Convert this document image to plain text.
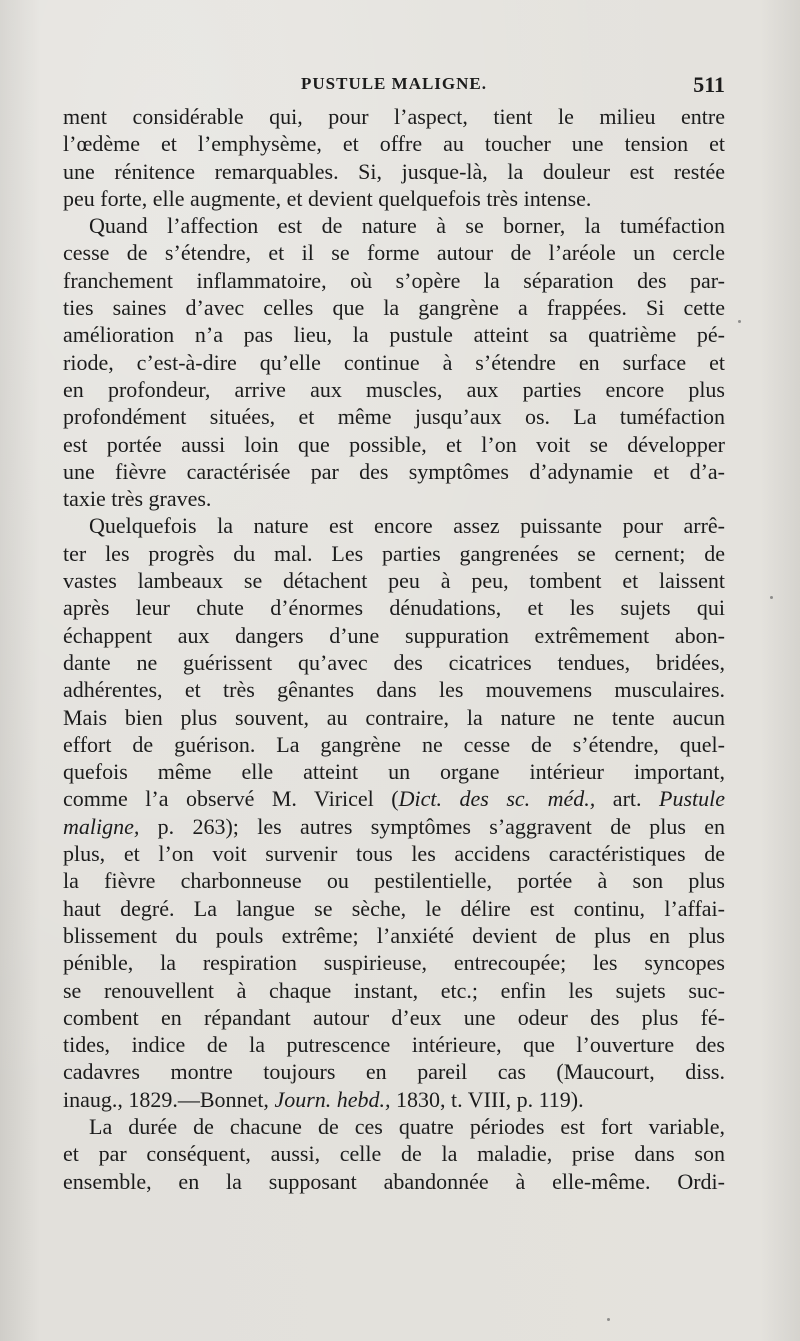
PUSTULE MALIGNE.	511
ment considérable qui, pour l’aspect, tient le milieu entre
l’œdème et l’emphysème, et offre au toucher une tension et
une rénitence remarquables. Si, jusque-là, la douleur est restée
peu forte, elle augmente, et devient quelquefois très intense.
Quand l’affection est de nature à se borner, la tuméfaction
cesse de s’étendre, et il se forme autour de l’aréole un cercle
franchement inflammatoire, où s’opère la séparation des par-
ties saines d’avec celles que la gangrène a frappées. Si cette
amélioration n’a pas lieu, la pustule atteint sa quatrième pé-
riode, c’est-à-dire qu’elle continue à s’étendre en surface et
en profondeur, arrive aux muscles, aux parties encore plus
profondément situées, et même jusqu’aux os. La tuméfaction
est portée aussi loin que possible, et l’on voit se développer
une fièvre caractérisée par des symptômes d’adynamie et d’a-
taxie très graves.
Quelquefois la nature est encore assez puissante pour arrê-
ter les progrès du mal. Les parties gangrenées se cernent; de
vastes lambeaux se détachent peu à peu, tombent et laissent
après leur chute d’énormes dénudations, et les sujets qui
échappent aux dangers d’une suppuration extrêmement abon-
dante ne guérissent qu’avec des cicatrices tendues, bridées,
adhérentes, et très gênantes dans les mouvemens musculaires.
Mais bien plus souvent, au contraire, la nature ne tente aucun
effort de guérison. La gangrène ne cesse de s’étendre, quel-
quefois même elle atteint un organe intérieur important,
comme l’a observé M. Viricel (Dict. des sc. méd., art. Pustule
maligne, p. 263); les autres symptômes s’aggravent de plus en
plus, et l’on voit survenir tous les accidens caractéristiques de
la fièvre charbonneuse ou pestilentielle, portée à son plus
haut degré. La langue se sèche, le délire est continu, l’affai-
blissement du pouls extrême; l’anxiété devient de plus en plus
pénible, la respiration suspirieuse, entrecoupée; les syncopes
se renouvellent à chaque instant, etc.; enfin les sujets suc-
combent en répandant autour d’eux une odeur des plus fé-
tides, indice de la putrescence intérieure, que l’ouverture des
cadavres montre toujours en pareil cas (Maucourt, diss.
inaug., 1829.—Bonnet, Journ. hebd., 1830, t. VIII, p. 119).
La durée de chacune de ces quatre périodes est fort variable,
et par conséquent, aussi, celle de la maladie, prise dans son
ensemble, en la supposant abandonnée à elle-même. Ordi-
